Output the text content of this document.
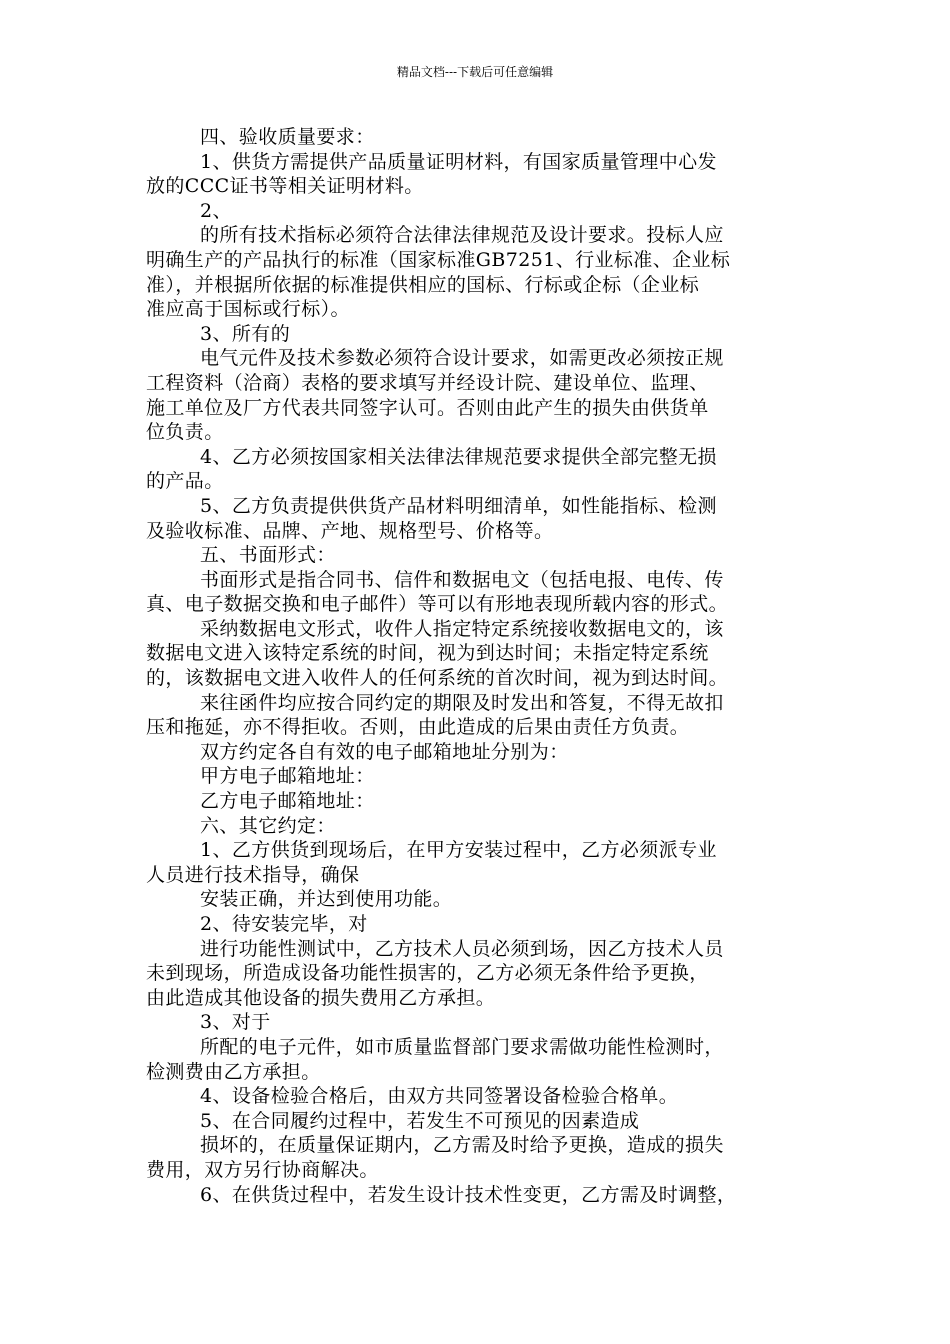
精品文档---下载后可任意编辑
四、验收质量要求：
1、供货方需提供产品质量证明材料，有国家质量管理中心发
放的CCC证书等相关证明材料。
2、
的所有技术指标必须符合法律法律规范及设计要求。投标人应
明确生产的产品执行的标准（国家标准GB7251、行业标准、企业标
准），并根据所依据的标准提供相应的国标、行标或企标（企业标
准应高于国标或行标）。
3、所有的
电气元件及技术参数必须符合设计要求，如需更改必须按正规
工程资料（洽商）表格的要求填写并经设计院、建设单位、监理、
施工单位及厂方代表共同签字认可。否则由此产生的损失由供货单
位负责。
4、乙方必须按国家相关法律法律规范要求提供全部完整无损
的产品。
5、乙方负责提供供货产品材料明细清单，如性能指标、检测
及验收标准、品牌、产地、规格型号、价格等。
五、书面形式：
书面形式是指合同书、信件和数据电文（包括电报、电传、传
真、电子数据交换和电子邮件）等可以有形地表现所载内容的形式。
采纳数据电文形式，收件人指定特定系统接收数据电文的，该
数据电文进入该特定系统的时间，视为到达时间；未指定特定系统
的，该数据电文进入收件人的任何系统的首次时间，视为到达时间。
来往函件均应按合同约定的期限及时发出和答复，不得无故扣
压和拖延，亦不得拒收。否则，由此造成的后果由责任方负责。
双方约定各自有效的电子邮箱地址分别为：
甲方电子邮箱地址：
乙方电子邮箱地址：
六、其它约定：
1、乙方供货到现场后，在甲方安装过程中，乙方必须派专业
人员进行技术指导，确保
安装正确，并达到使用功能。
2、待安装完毕，对
进行功能性测试中，乙方技术人员必须到场，因乙方技术人员
未到现场，所造成设备功能性损害的，乙方必须无条件给予更换，
由此造成其他设备的损失费用乙方承担。
3、对于
所配的电子元件，如市质量监督部门要求需做功能性检测时，
检测费由乙方承担。
4、设备检验合格后，由双方共同签署设备检验合格单。
5、在合同履约过程中，若发生不可预见的因素造成
损坏的，在质量保证期内，乙方需及时给予更换，造成的损失
费用，双方另行协商解决。
6、在供货过程中，若发生设计技术性变更，乙方需及时调整，
